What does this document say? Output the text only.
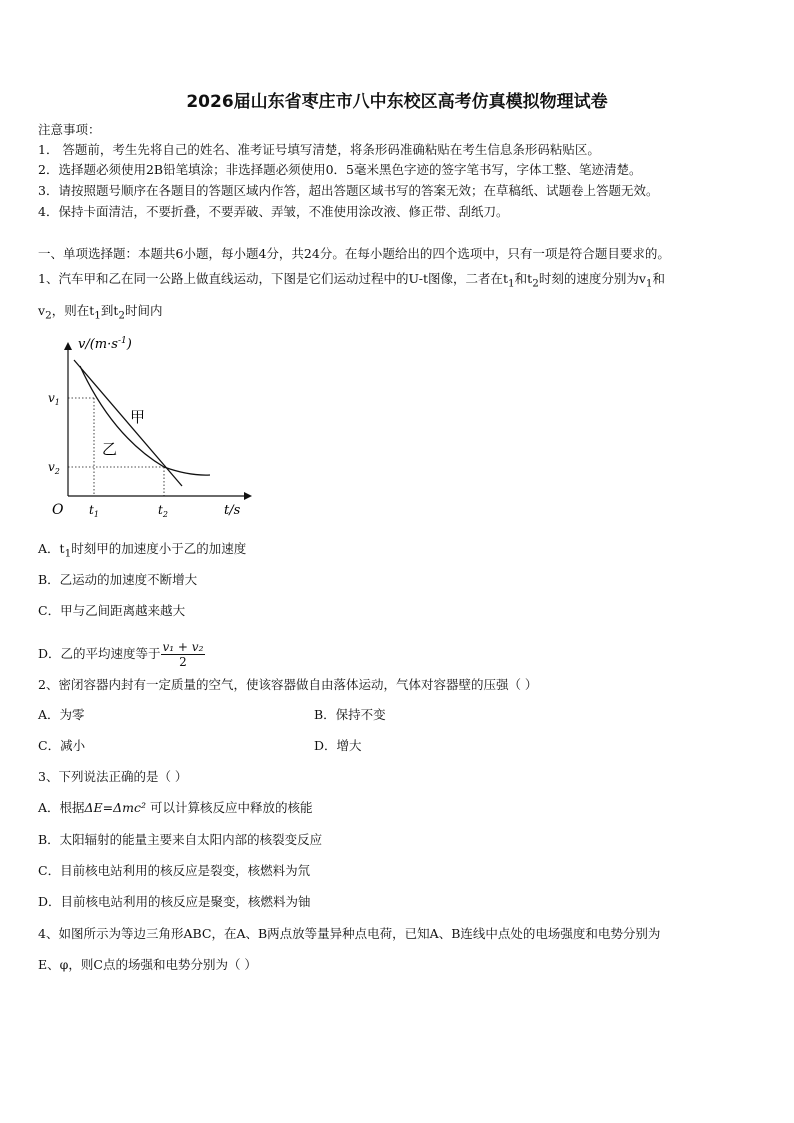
2026届山东省枣庄市八中东校区高考仿真模拟物理试卷
注意事项：
1． 答题前，考生先将自己的姓名、准考证号填写清楚，将条形码准确粘贴在考生信息条形码粘贴区。
2．选择题必须使用2B铅笔填涂；非选择题必须使用0．5毫米黑色字迹的签字笔书写，字体工整、笔迹清楚。
3．请按照题号顺序在各题目的答题区域内作答，超出答题区域书写的答案无效；在草稿纸、试题卷上答题无效。
4．保持卡面清洁，不要折叠，不要弄破、弄皱，不准使用涂改液、修正带、刮纸刀。
一、单项选择题：本题共6小题，每小题4分，共24分。在每小题给出的四个选项中，只有一项是符合题目要求的。
1、汽车甲和乙在同一公路上做直线运动，下图是它们运动过程中的U-t图像，二者在$t_1$和$t_2$时刻的速度分别为$v_1$和
$v_2$，则在$t_1$到$t_2$时间内
$v/(m\cdot s^{-1})$
$v_1$
$v_2$
O $t_1$	$t_2$	t/s
甲
乙
A．$t_1$时刻甲的加速度小于乙的加速度
B．乙运动的加速度不断增大
C．甲与乙间距离越来越大
D．乙的平均速度等于 $\frac{\text{v₁ + v₂}}{2}$
2、密闭容器内封有一定质量的空气，使该容器做自由落体运动，气体对容器壁的压强（ ）
A．为零	B．保持不变
C．减小	D．增大
3、下列说法正确的是（ ）
A．根据ΔE=Δmc² 可以计算核反应中释放的核能
B．太阳辐射的能量主要来自太阳内部的核裂变反应
C．目前核电站利用的核反应是裂变，核燃料为氘
D．目前核电站利用的核反应是聚变，核燃料为铀
4、如图所示为等边三角形ABC，在A、B两点放等量异种点电荷，已知A、B连线中点处的电场强度和电势分别为
E、φ，则C点的场强和电势分别为（ ）
